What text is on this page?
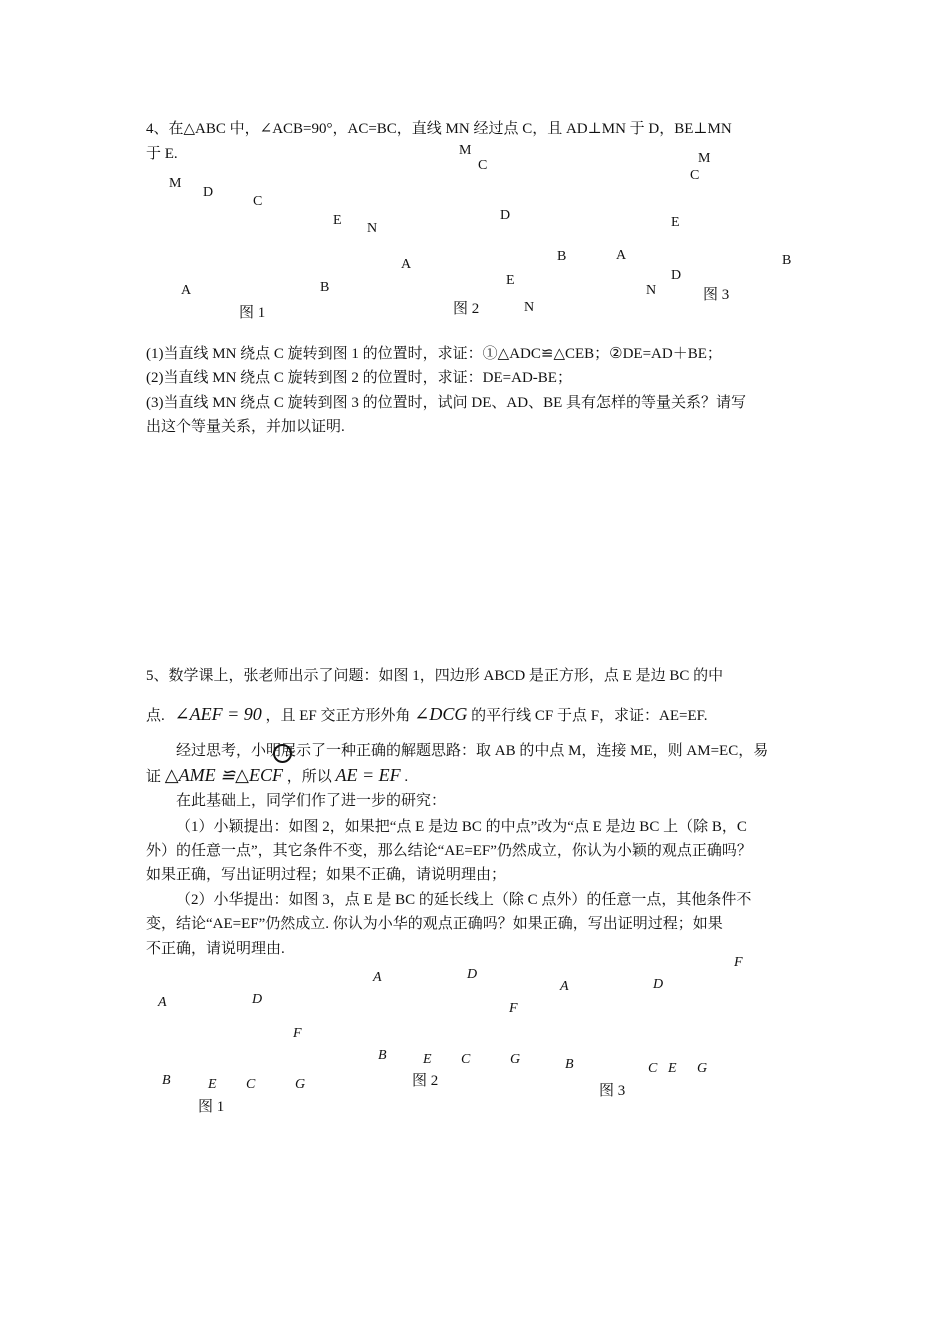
4、在△ABC 中，∠ACB=90°，AC=BC，直线 MN 经过点 C，且 AD⊥MN 于 D，BE⊥MN
于 E.
M
D
C
E
N
A	B
图 1
M
C
D
A
B
E
N
图 2
M
C
E
A	B
N
D
图 3
(1)当直线 MN 绕点 C 旋转到图 1 的位置时，求证：①△ADC≌△CEB；②DE=AD＋BE；
(2)当直线 MN 绕点 C 旋转到图 2 的位置时，求证：DE=AD-BE；
(3)当直线 MN 绕点 C 旋转到图 3 的位置时，试问 DE、AD、BE 具有怎样的等量关系？请写
出这个等量关系，并加以证明.
5、数学课上，张老师出示了问题：如图 1，四边形 ABCD 是正方形，点 E 是边 BC 的中
点. ∠AEF = 90 ，且 EF 交正方形外角 ∠DCG 的平行线 CF 于点 F，求证：AE=EF.
经过思考，小明展示了一种正确的解题思路：取 AB 的中点 M，连接 ME，则 AM=EC，易
证 △AME ≌△ECF ，所以 AE = EF .
在此基础上，同学们作了进一步的研究：
（1）小颖提出：如图 2，如果把“点 E 是边 BC 的中点”改为“点 E 是边 BC 上（除 B，C
外）的任意一点”，其它条件不变，那么结论“AE=EF”仍然成立，你认为小颖的观点正确吗？
如果正确，写出证明过程；如果不正确，请说明理由；
（2）小华提出：如图 3，点 E 是 BC 的延长线上（除 C 点外）的任意一点，其他条件不
变，结论“AE=EF”仍然成立. 你认为小华的观点正确吗？如果正确，写出证明过程；如果
不正确，请说明理由.
A	D
F
B	E C	G
图 1
A	D
F
B	E C	G
图 2
F
A	D
B	C E G
图 3
